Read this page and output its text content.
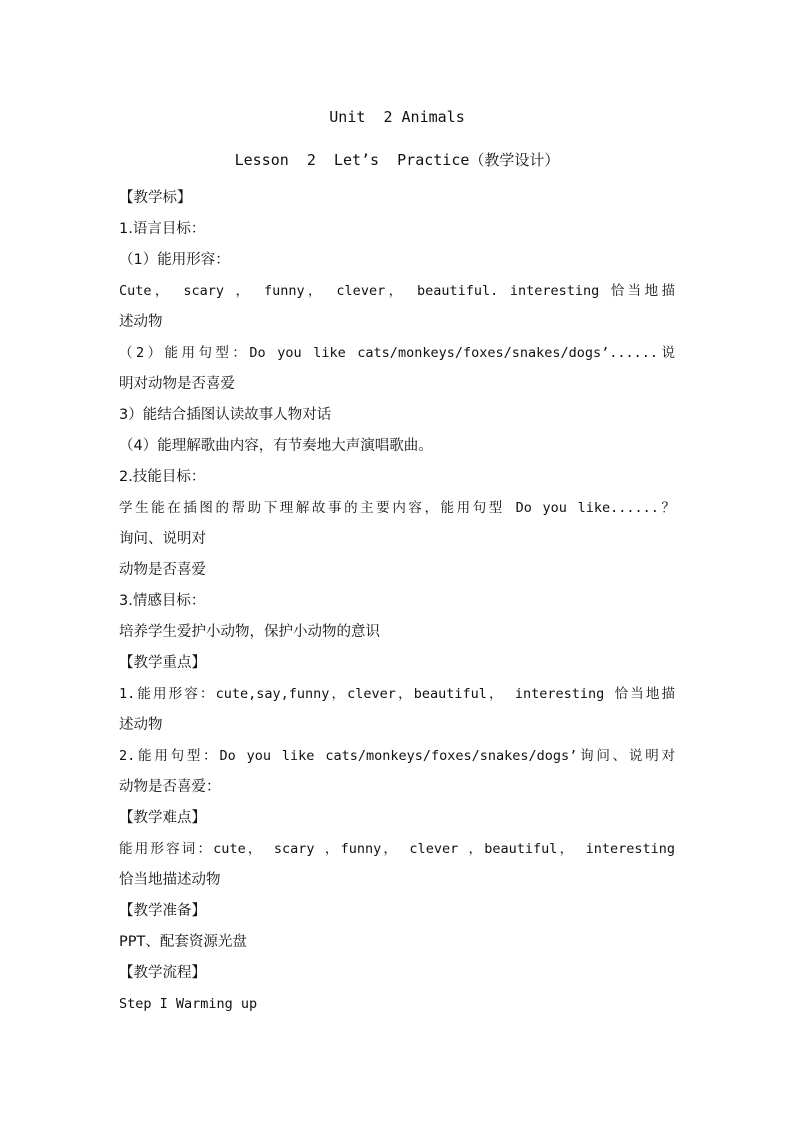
Unit  2 Animals
Lesson  2  Let’s  Practice（教学设计）
【教学标】
1.语言目标：
（1）能用形容：
Cute， scary ， funny， clever， beautiful. interesting 恰当地描
述动物
（2）能用句型：Do you like cats/monkeys/foxes/snakes/dogs’......说
明对动物是否喜爱
3）能结合插图认读故事人物对话
（4）能理解歌曲内容，有节奏地大声演唱歌曲。
2.技能目标：
学生能在插图的帮助下理解故事的主要内容，能用句型 Do you like......？
询问、说明对
动物是否喜爱
3.情感目标：
培养学生爱护小动物，保护小动物的意识
【教学重点】
1.能用形容：cute,say,funny，clever，beautiful， interesting 恰当地描
述动物
2.能用句型：Do you like cats/monkeys/foxes/snakes/dogs’询问、说明对
动物是否喜爱：
【教学难点】
能用形容词：cute， scary ，funny， clever ，beautiful， interesting
恰当地描述动物
【教学准备】
PPT、配套资源光盘
【教学流程】
Step I Warming up
